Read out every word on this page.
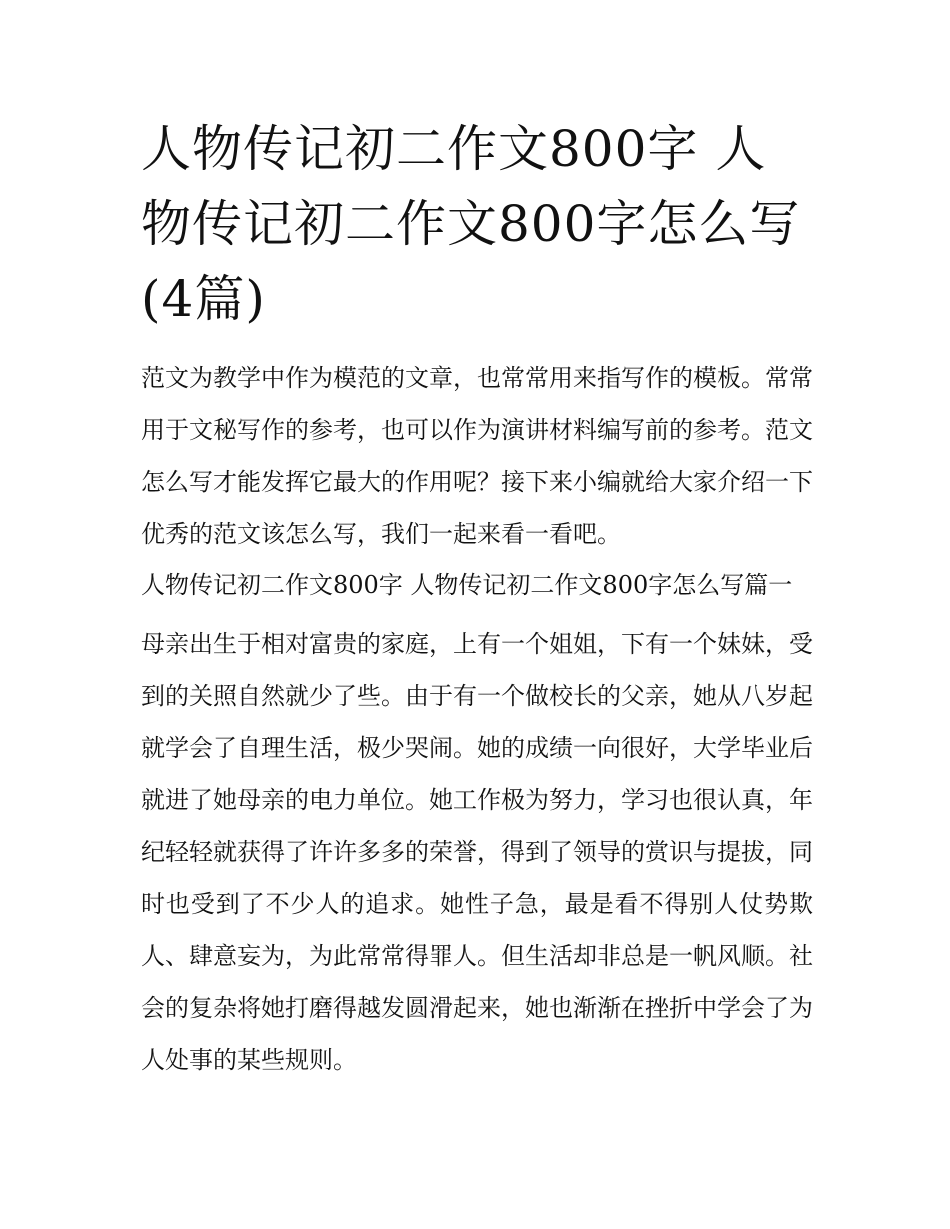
人物传记初二作文800字 人物传记初二作文800字怎么写(4篇)

范文为教学中作为模范的文章，也常常用来指写作的模板。常常用于文秘写作的参考，也可以作为演讲材料编写前的参考。范文怎么写才能发挥它最大的作用呢？接下来小编就给大家介绍一下优秀的范文该怎么写，我们一起来看一看吧。

人物传记初二作文800字 人物传记初二作文800字怎么写篇一

母亲出生于相对富贵的家庭，上有一个姐姐，下有一个妹妹，受到的关照自然就少了些。由于有一个做校长的父亲，她从八岁起就学会了自理生活，极少哭闹。她的成绩一向很好，大学毕业后就进了她母亲的电力单位。她工作极为努力，学习也很认真，年纪轻轻就获得了许许多多的荣誉，得到了领导的赏识与提拔，同时也受到了不少人的追求。她性子急，最是看不得别人仗势欺人、肆意妄为，为此常常得罪人。但生活却非总是一帆风顺。社会的复杂将她打磨得越发圆滑起来，她也渐渐在挫折中学会了为人处事的某些规则。
